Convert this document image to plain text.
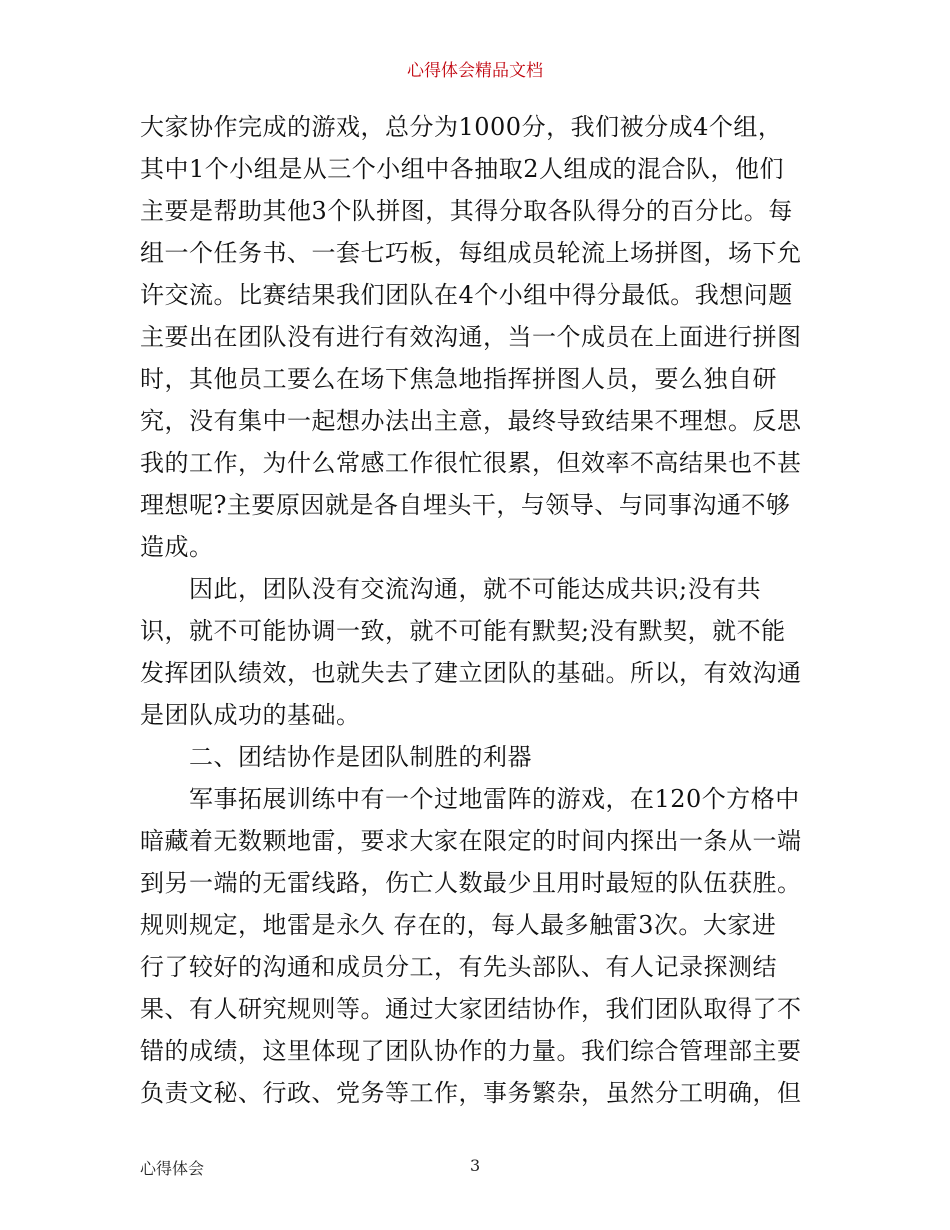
心得体会精品文档
大家协作完成的游戏，总分为1000分，我们被分成4个组，
其中1个小组是从三个小组中各抽取2人组成的混合队，他们
主要是帮助其他3个队拼图，其得分取各队得分的百分比。每
组一个任务书、一套七巧板，每组成员轮流上场拼图，场下允
许交流。比赛结果我们团队在4个小组中得分最低。我想问题
主要出在团队没有进行有效沟通，当一个成员在上面进行拼图
时，其他员工要么在场下焦急地指挥拼图人员，要么独自研
究，没有集中一起想办法出主意，最终导致结果不理想。反思
我的工作，为什么常感工作很忙很累，但效率不高结果也不甚
理想呢?主要原因就是各自埋头干，与领导、与同事沟通不够
造成。
　　因此，团队没有交流沟通，就不可能达成共识;没有共
识，就不可能协调一致，就不可能有默契;没有默契，就不能
发挥团队绩效，也就失去了建立团队的基础。所以，有效沟通
是团队成功的基础。
　　二、团结协作是团队制胜的利器
　　军事拓展训练中有一个过地雷阵的游戏，在120个方格中
暗藏着无数颗地雷，要求大家在限定的时间内探出一条从一端
到另一端的无雷线路，伤亡人数最少且用时最短的队伍获胜。
规则规定，地雷是永久 存在的，每人最多触雷3次。大家进
行了较好的沟通和成员分工，有先头部队、有人记录探测结
果、有人研究规则等。通过大家团结协作，我们团队取得了不
错的成绩，这里体现了团队协作的力量。我们综合管理部主要
负责文秘、行政、党务等工作，事务繁杂，虽然分工明确，但
心得体会	3
